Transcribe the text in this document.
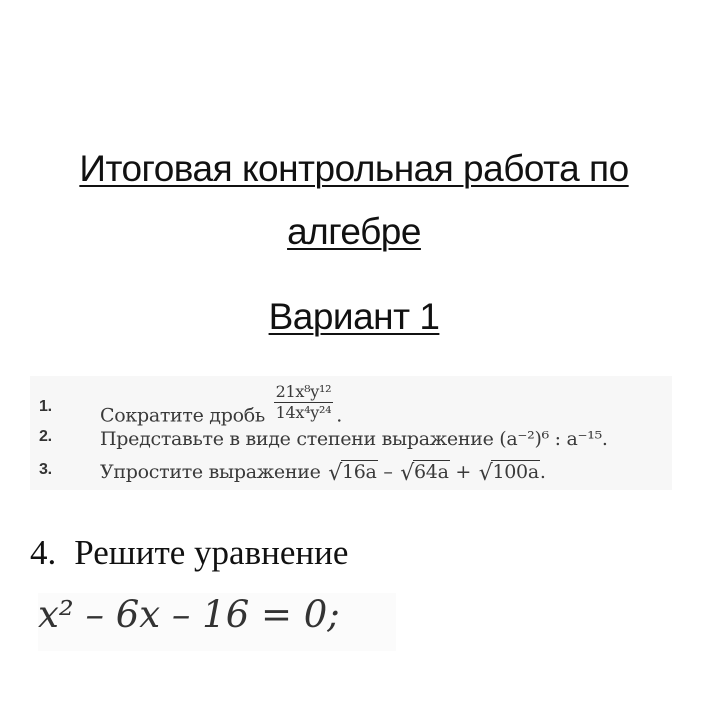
Итоговая контрольная работа по
алгебре
Вариант 1
1.	Сократите дробь $\frac{\text{21x⁸y¹²}}{\text{14x⁴y²⁴}}$ .
2.	Представьте в виде степени выражение (a⁻²)⁶ : a⁻¹⁵.
3.	Упростите выражение √16a – √64a + √100a.
4. Решите уравнение
x² – 6x – 16 = 0;
